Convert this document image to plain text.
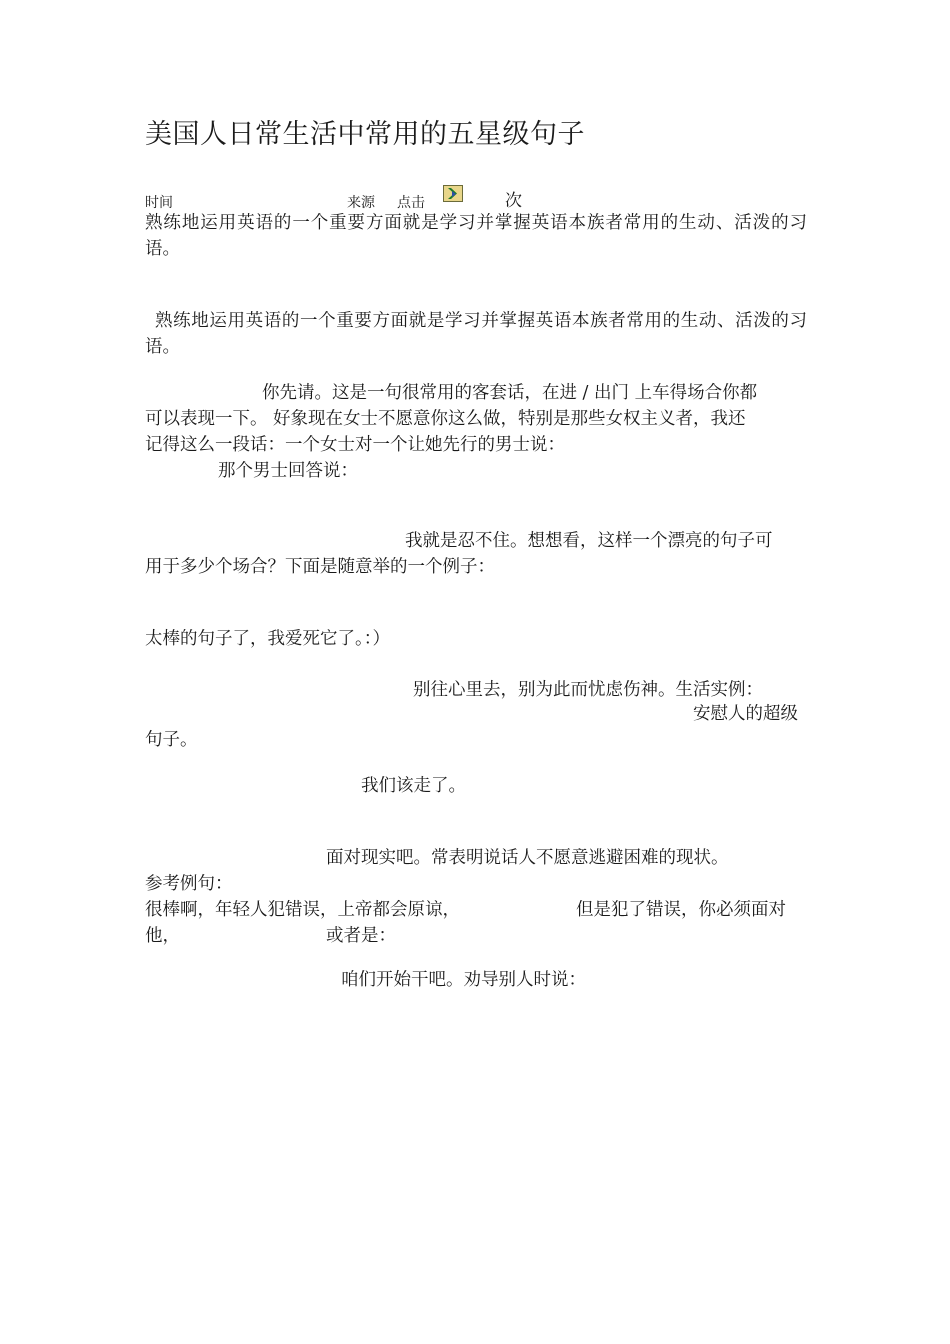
美国人日常生活中常用的五星级句子
时间	来源 点击	次
熟练地运用英语的一个重要方面就是学习并掌握英语本族者常用的生动、活泼的习语。
熟练地运用英语的一个重要方面就是学习并掌握英语本族者常用的生动、活泼的习语。
你先请。这是一句很常用的客套话，在进 / 出门 上车得场合你都
可以表现一下。 好象现在女士不愿意你这么做，特别是那些女权主义者，我还
记得这么一段话：一个女士对一个让她先行的男士说：
那个男士回答说：
我就是忍不住。想想看，这样一个漂亮的句子可
用于多少个场合？下面是随意举的一个例子：
太棒的句子了，我爱死它了。：）
别往心里去，别为此而忧虑伤神。生活实例：
安慰人的超级
句子。
我们该走了。
面对现实吧。常表明说话人不愿意逃避困难的现状。
参考例句：
很棒啊，年轻人犯错误，上帝都会原谅，	但是犯了错误，你必须面对
他，	或者是：
咱们开始干吧。劝导别人时说：
